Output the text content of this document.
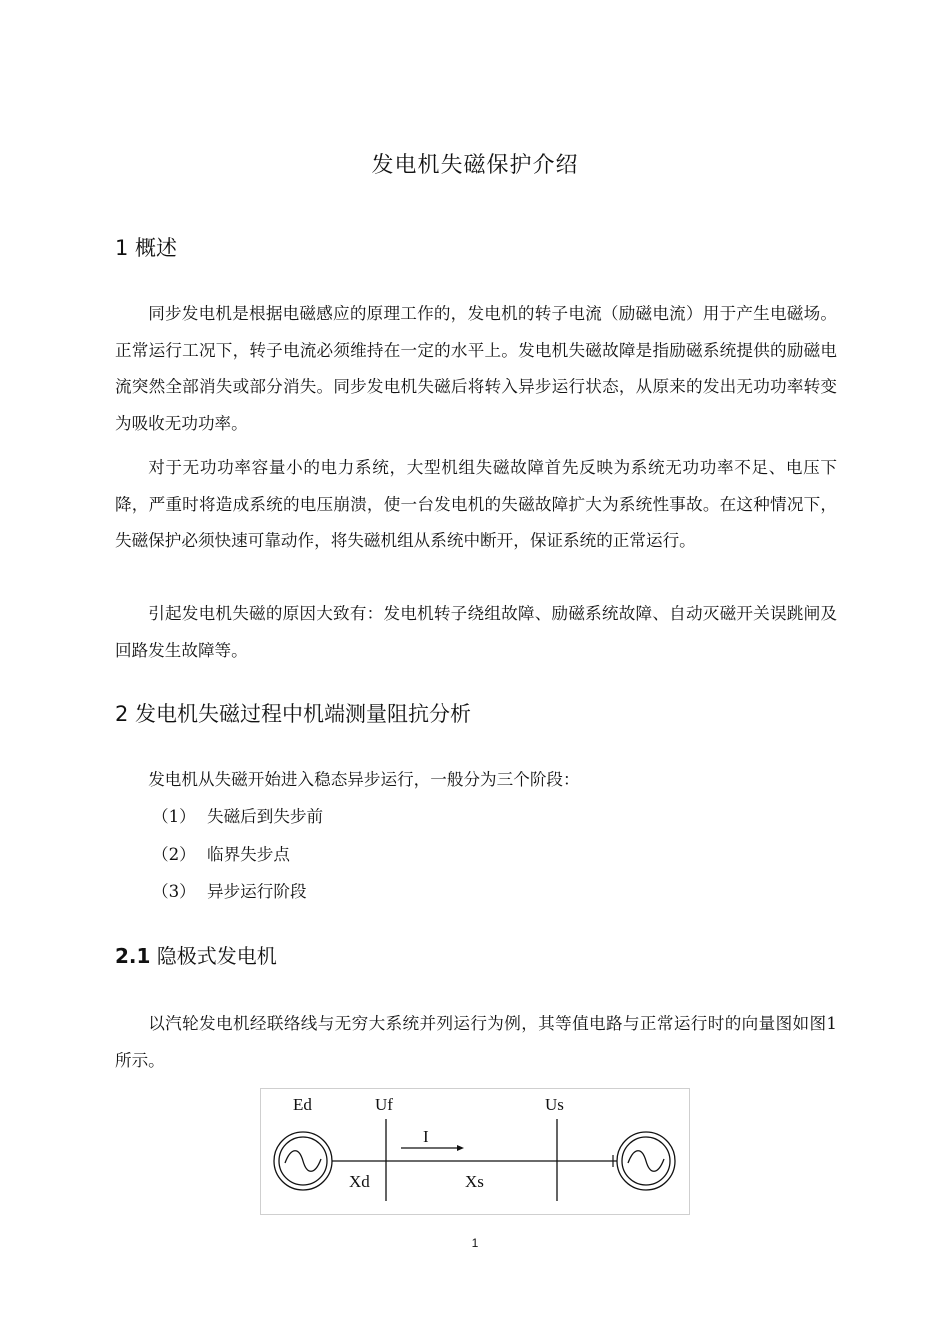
发电机失磁保护介绍
1 概述
同步发电机是根据电磁感应的原理工作的，发电机的转子电流（励磁电流）用于产生电磁场。正常运行工况下，转子电流必须维持在一定的水平上。发电机失磁故障是指励磁系统提供的励磁电流突然全部消失或部分消失。同步发电机失磁后将转入异步运行状态，从原来的发出无功功率转变为吸收无功功率。
对于无功功率容量小的电力系统，大型机组失磁故障首先反映为系统无功功率不足、电压下降，严重时将造成系统的电压崩溃，使一台发电机的失磁故障扩大为系统性事故。在这种情况下，失磁保护必须快速可靠动作，将失磁机组从系统中断开，保证系统的正常运行。
引起发电机失磁的原因大致有：发电机转子绕组故障、励磁系统故障、自动灭磁开关误跳闸及回路发生故障等。
2 发电机失磁过程中机端测量阻抗分析
发电机从失磁开始进入稳态异步运行，一般分为三个阶段：
（1） 失磁后到失步前
（2） 临界失步点
（3） 异步运行阶段
2.1 隐极式发电机
以汽轮发电机经联络线与无穷大系统并列运行为例，其等值电路与正常运行时的向量图如图1所示。
Ed	Uf	Us
I
Xd	Xs
1
